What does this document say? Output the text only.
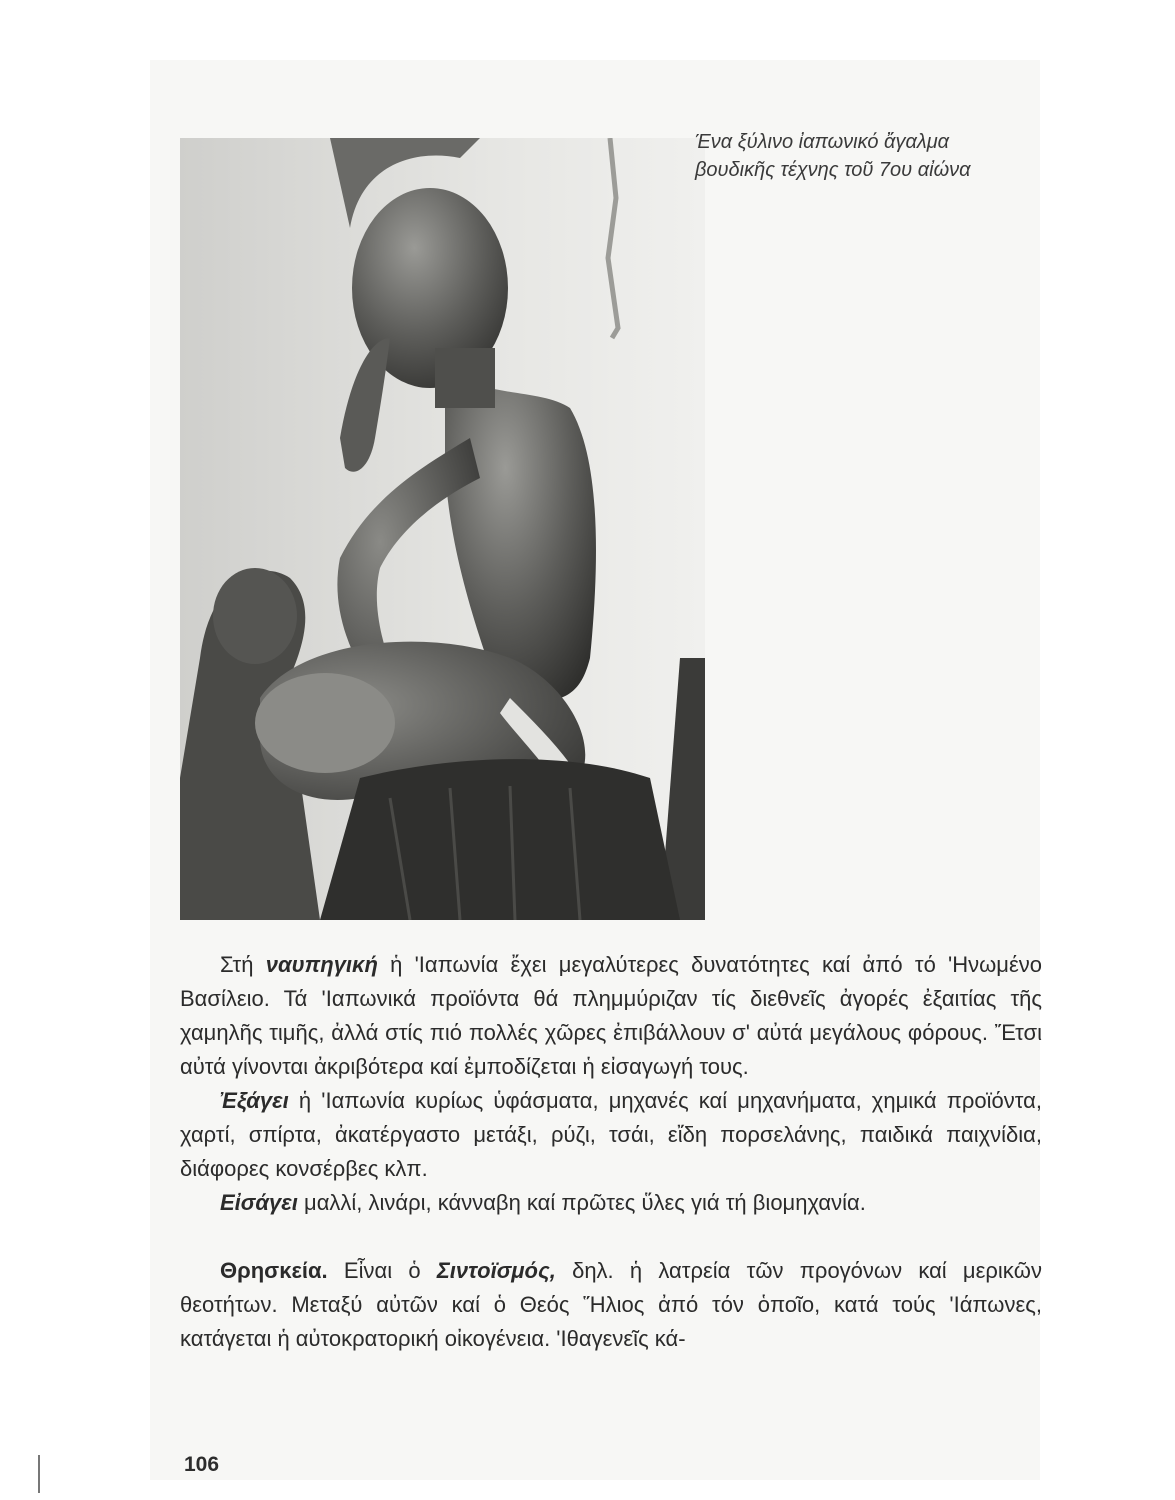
Ένα ξύλινο ἰαπωνικό ἄγαλμα βουδικῆς τέχνης τοῦ 7ου αἰώνα

Στή ναυπηγική ἡ 'Ιαπωνία ἔχει μεγαλύτερες δυνατότητες καί ἀπό τό 'Ηνωμένο Βασίλειο. Τά 'Ιαπωνικά προϊόντα θά πλημμύριζαν τίς διεθνεῖς ἀγορές ἐξαιτίας τῆς χαμηλῆς τιμῆς, ἀλλά στίς πιό πολλές χῶρες ἐπιβάλλουν σ' αὐτά μεγάλους φόρους. Ἔτσι αὐτά γίνονται ἀκριβότερα καί ἐμποδίζεται ἡ εἰσαγωγή τους.

Ἐξάγει ἡ 'Ιαπωνία κυρίως ὑφάσματα, μηχανές καί μηχανήματα, χημικά προϊόντα, χαρτί, σπίρτα, ἀκατέργαστο μετάξι, ρύζι, τσάι, εἴδη πορσελάνης, παιδικά παιχνίδια, διάφορες κονσέρβες κλπ.

Εἰσάγει μαλλί, λινάρι, κάνναβη καί πρῶτες ὕλες γιά τή βιομηχανία.

Θρησκεία. Εἶναι ὁ Σιντοϊσμός, δηλ. ἡ λατρεία τῶν προγόνων καί μερικῶν θεοτήτων. Μεταξύ αὐτῶν καί ὁ Θεός Ἥλιος ἀπό τόν ὁποῖο, κατά τούς 'Ιάπωνες, κατάγεται ἡ αὐτοκρατορική οἰκογένεια. 'Ιθαγενεῖς κά-

106
